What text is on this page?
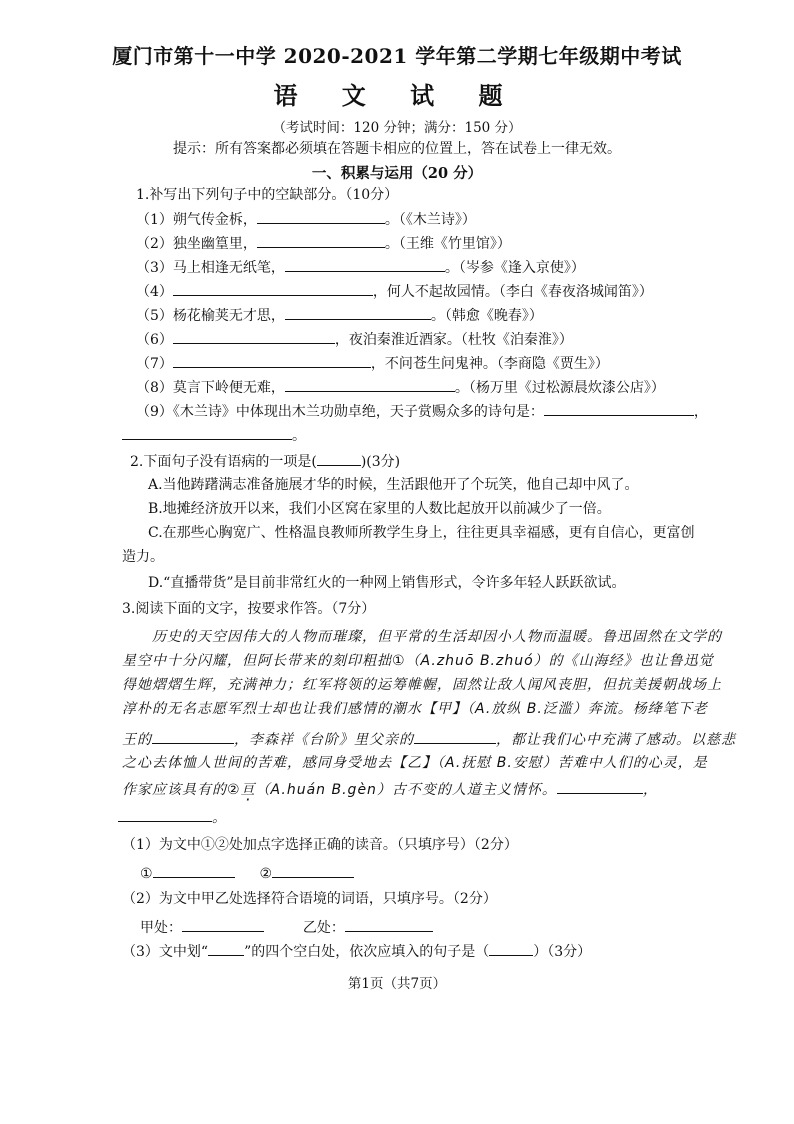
厦门市第十一中学 2020-2021 学年第二学期七年级期中考试
语 文 试 题
（考试时间：120 分钟；满分：150 分）
提示：所有答案都必须填在答题卡相应的位置上，答在试卷上一律无效。
一、积累与运用（20 分）
1.补写出下列句子中的空缺部分。（10分）
（1）朔气传金柝，	。（《木兰诗》）
（2）独坐幽篁里，	。（王维《竹里馆》）
（3）马上相逢无纸笔，	。（岑参《逢入京使》）
（4）	，何人不起故园情。（李白《春夜洛城闻笛》）
（5）杨花榆荚无才思，	。（韩愈《晚春》）
（6）	，夜泊秦淮近酒家。（杜牧《泊秦淮》）
（7）	，不问苍生问鬼神。（李商隐《贾生》）
（8）莫言下岭便无难，	。（杨万里《过松源晨炊漆公店》）
（9）《木兰诗》中体现出木兰功勋卓绝，天子赏赐众多的诗句是：	，
。
2.下面句子没有语病的一项是(	)(3分)
A.当他踌躇满志准备施展才华的时候，生活跟他开了个玩笑，他自己却中风了。
B.地摊经济放开以来，我们小区窝在家里的人数比起放开以前减少了一倍。
C.在那些心胸宽广、性格温良教师所教学生身上，往往更具幸福感，更有自信心，更富创
造力。
D.“直播带货”是目前非常红火的一种网上销售形式，令许多年轻人跃跃欲试。
3.阅读下面的文字，按要求作答。（7分）
历史的天空因伟大的人物而璀璨，但平常的生活却因小人物而温暖。鲁迅固然在文学的
星空中十分闪耀，但阿长带来的刻印粗拙①（A.zhuō B.zhuó）的《山海经》也让鲁迅觉
得她熠熠生辉，充满神力；红军将领的运筹帷幄，固然让敌人闻风丧胆，但抗美援朝战场上
淳朴的无名志愿军烈士却也让我们感情的潮水【甲】（A.放纵 B.泛滥）奔流。杨绛笔下老
王的	，李森祥《台阶》里父亲的	，都让我们心中充满了感动。以慈悲
之心去体恤人世间的苦难，感同身受地去【乙】（A.抚慰 B.安慰）苦难中人们的心灵，是
作家应该具有的②亘（A.huán B.gèn）古不变的人道主义情怀。	，
。
（1）为文中①②处加点字选择正确的读音。（只填序号）（2分）
①	②
（2）为文中甲乙处选择符合语境的词语，只填序号。（2分）
甲处：	乙处：
（3）文中划“	”的四个空白处，依次应填入的句子是（	）（3分）
第1页（共7页）
